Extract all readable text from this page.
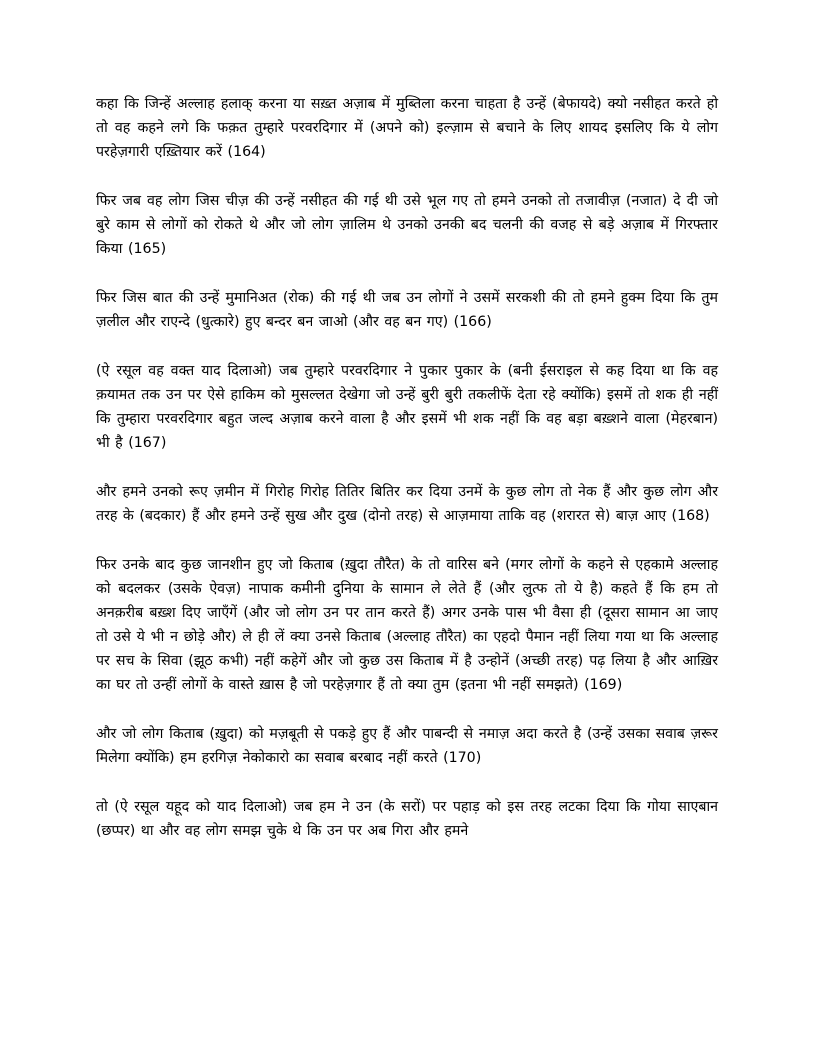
कहा कि जिन्हें अल्लाह हलाक् करना या सख़्त अज़ाब में मुब्तिला करना चाहता है उन्हें (बेफायदे) क्यो नसीहत करते हो तो वह कहने लगे कि फक़त तुम्हारे परवरदिगार में (अपने को) इल्ज़ाम से बचाने के लिए शायद इसलिए कि ये लोग परहेज़गारी एख़्तियार करें (164)

फिर जब वह लोग जिस चीज़ की उन्हें नसीहत की गई थी उसे भूल गए तो हमने उनको तो तजावीज़ (नजात) दे दी जो बुरे काम से लोगों को रोकते थे और जो लोग ज़ालिम थे उनको उनकी बद चलनी की वजह से बड़े अज़ाब में गिरफ्तार किया (165)

फिर जिस बात की उन्हें मुमानिअत (रोक) की गई थी जब उन लोगों ने उसमें सरकशी की तो हमने हुक्म दिया कि तुम ज़लील और राएन्दे (धुत्कारे) हुए बन्दर बन जाओ (और वह बन गए) (166)

(ऐ रसूल वह वक्त याद दिलाओ) जब तुम्हारे परवरदिगार ने पुकार पुकार के (बनी ईसराइल से कह दिया था कि वह क़यामत तक उन पर ऐसे हाकिम को मुसल्लत देखेगा जो उन्हें बुरी बुरी तकलीफें देता रहे क्योंकि) इसमें तो शक ही नहीं कि तुम्हारा परवरदिगार बहुत जल्द अज़ाब करने वाला है और इसमें भी शक नहीं कि वह बड़ा बख़्शने वाला (मेहरबान) भी है (167)

और हमने उनको रूए ज़मीन में गिरोह गिरोह तितिर बितिर कर दिया उनमें के कुछ लोग तो नेक हैं और कुछ लोग और तरह के (बदकार) हैं और हमने उन्हें सुख और दुख (दोनो तरह) से आज़माया ताकि वह (शरारत से) बाज़ आए (168)

फिर उनके बाद कुछ जानशीन हुए जो किताब (ख़ुदा तौरैत) के तो वारिस बने (मगर लोगों के कहने से एहकामे अल्लाह को बदलकर (उसके ऐवज़) नापाक कमीनी दुनिया के सामान ले लेते हैं (और लुत्फ तो ये है) कहते हैं कि हम तो अनक़रीब बख़्श दिए जाएँगें (और जो लोग उन पर तान करते हैं) अगर उनके पास भी वैसा ही (दूसरा सामान आ जाए तो उसे ये भी न छोड़े और) ले ही लें क्या उनसे किताब (अल्लाह तौरैत) का एहदो पैमान नहीं लिया गया था कि अल्लाह पर सच के सिवा (झूठ कभी) नहीं कहेगें और जो कुछ उस किताब में है उन्होनें (अच्छी तरह) पढ़ लिया है और आख़िर का घर तो उन्हीं लोगों के वास्ते ख़ास है जो परहेज़गार हैं तो क्या तुम (इतना भी नहीं समझते) (169)

और जो लोग किताब (ख़ुदा) को मज़बूती से पकड़े हुए हैं और पाबन्दी से नमाज़ अदा करते है (उन्हें उसका सवाब ज़रूर मिलेगा क्योंकि) हम हरगिज़ नेकोकारो का सवाब बरबाद नहीं करते (170)

तो (ऐ रसूल यहूद को याद दिलाओ) जब हम ने उन (के सरों) पर पहाड़ को इस तरह लटका दिया कि गोया साएबान (छप्पर) था और वह लोग समझ चुके थे कि उन पर अब गिरा और हमने
